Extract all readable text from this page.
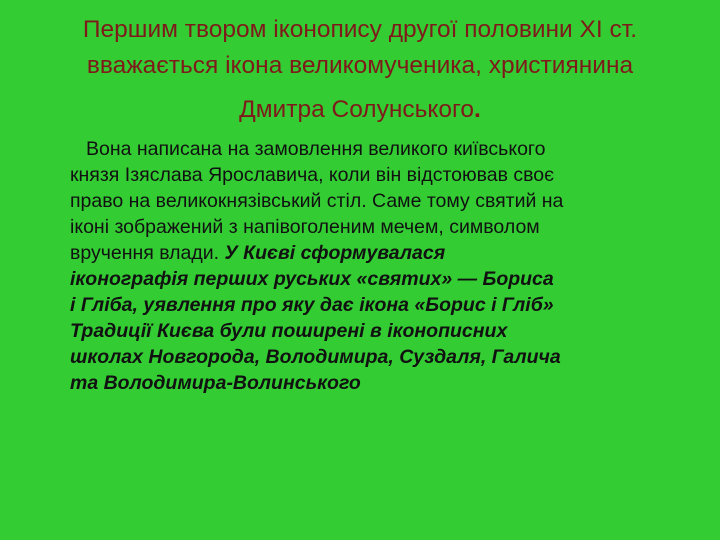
Першим твором іконопису другої половини ХІ ст.
вважається ікона великомученика, християнина
Дмитра Солунського.

Вона написана на замовлення великого київського
князя Ізяслава Ярославича, коли він відстоював своє
право на великокнязівський стіл. Саме тому святий на
іконі зображений з напівоголеним мечем, символом
вручення влади. У Києві сформувалася
іконографія перших руських «святих» — Бориса
і Гліба, уявлення про яку дає ікона «Борис і Гліб»
Традиції Києва були поширені в іконописних
школах Новгорода, Володимира, Суздаля, Галича
та Володимира-Волинського
